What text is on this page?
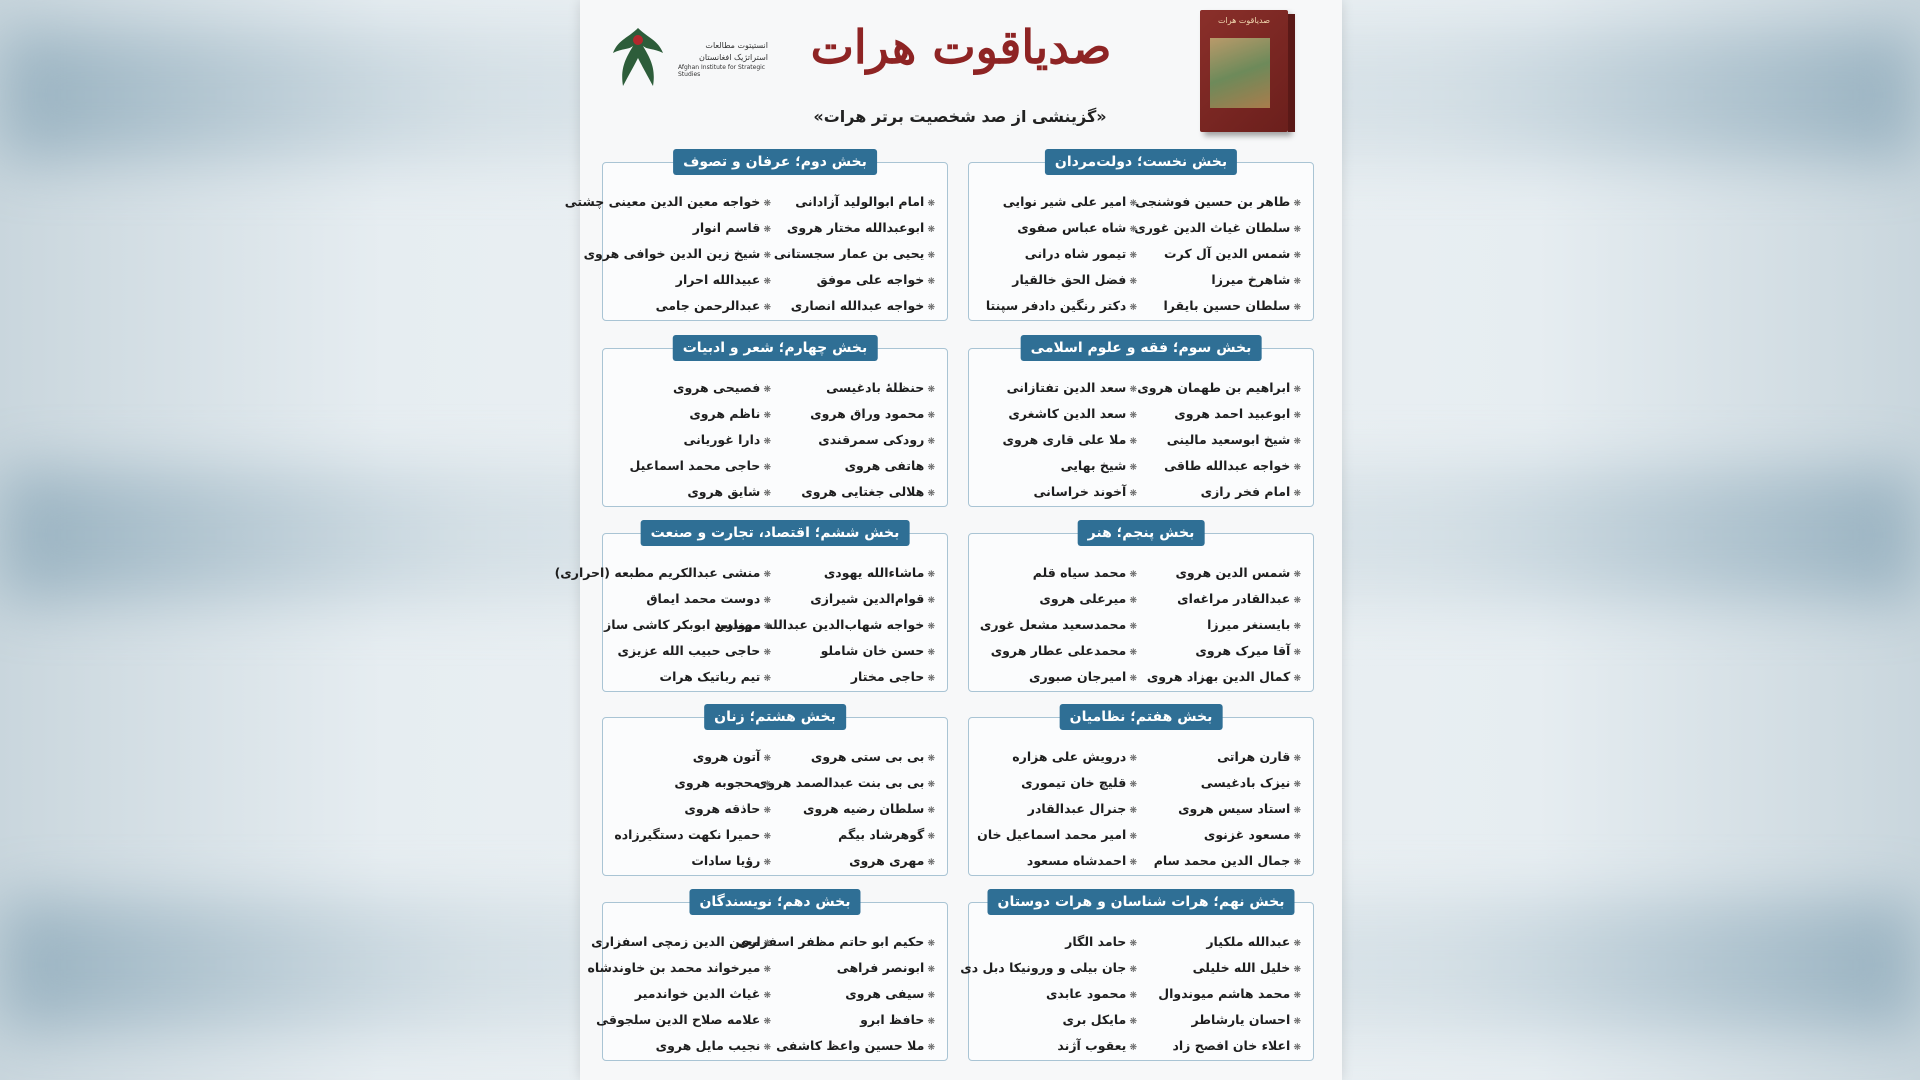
انستیتوت مطالعات استراتژیک افغانستان
Afghan Institute for Strategic Studies
صدیاقوت هرات
«گزینشی از صد شخصیت برتر هرات»
صدیاقوت هرات
بخش نخست؛ دولت‌مردان
❋ طاهر بن حسین فوشنجی
❋ سلطان غیاث الدین غوری
❋ شمس الدین آل کرت
❋ شاهرخ میرزا
❋ سلطان حسین بایقرا
❋ امیر علی شیر نوایی
❋ شاه عباس صفوی
❋ تیمور شاه درانی
❋ فضل الحق خالقیار
❋ دکتر رنگین دادفر سپنتا
بخش دوم؛ عرفان و تصوف
❋ امام ابوالولید آزادانی
❋ ابوعبدالله مختار هروی
❋ یحیی بن عمار سجستانی
❋ خواجه علی موفق
❋ خواجه عبدالله انصاری
❋ خواجه معین الدین معینی چشتی
❋ قاسم انوار
❋ شیخ زین الدین خوافی هروی
❋ عبیدالله احرار
❋ عبدالرحمن جامی
بخش سوم؛ فقه و علوم اسلامی
❋ ابراهیم بن طهمان هروی
❋ ابوعبید احمد هروی
❋ شیخ ابوسعید مالینی
❋ خواجه عبدالله طاقی
❋ امام فخر رازی
❋ سعد الدین تفتازانی
❋ سعد الدین کاشغری
❋ ملا علی قاری هروی
❋ شیخ بهایی
❋ آخوند خراسانی
بخش چهارم؛ شعر و ادبیات
❋ حنظلهٔ بادغیسی
❋ محمود وراق هروی
❋ رودکی سمرقندی
❋ هاتفی هروی
❋ هلالی جغتایی هروی
❋ فصیحی هروی
❋ ناظم هروی
❋ دارا غوریانی
❋ حاجی محمد اسماعیل
❋ شایق هروی
بخش پنجم؛ هنر
❋ شمس الدین هروی
❋ عبدالقادر مراغه‌ای
❋ بایسنغر میرزا
❋ آقا میرک هروی
❋ کمال الدین بهزاد هروی
❋ محمد سیاه قلم
❋ میرعلی هروی
❋ محمدسعید مشعل غوری
❋ محمدعلی عطار هروی
❋ امیرجان صبوری
بخش ششم؛ اقتصاد، تجارت و صنعت
❋ ماشاءالله یهودی
❋ قوام‌الدین شیرازی
❋ خواجه شهاب‌الدین عبدالله مروارید
❋ حسن خان شاملو
❋ حاجی مختار
❋ منشی عبدالکریم مطبعه (احراری)
❋ دوست محمد ایماق
❋ مهندس ابوبکر کاشی ساز
❋ حاجی حبیب الله عزیزی
❋ تیم رباتیک هرات
بخش هفتم؛ نظامیان
❋ قارن هراتی
❋ نیزک بادغیسی
❋ استاد سیس هروی
❋ مسعود غزنوی
❋ جمال الدین محمد سام
❋ درویش علی هزاره
❋ قلیچ خان تیموری
❋ جنرال عبدالقادر
❋ امیر محمد اسماعیل خان
❋ احمدشاه مسعود
بخش هشتم؛ زنان
❋ بی بی ستی هروی
❋ بی بی بنت عبدالصمد هروی
❋ سلطان رضیه هروی
❋ گوهرشاد بیگم
❋ مهری هروی
❋ آتون هروی
❋ محجوبه هروی
❋ حاذقه هروی
❋ حمیرا نکهت دستگیرزاده
❋ رؤیا سادات
بخش نهم؛ هرات شناسان و هرات دوستان
❋ عبدالله ملکیار
❋ خلیل الله خلیلی
❋ محمد هاشم میوندوال
❋ احسان یارشاطر
❋ اعلاء خان افصح زاد
❋ حامد الگار
❋ جان بیلی و ورونیکا دبل دی
❋ محمود عابدی
❋ مایکل بری
❋ یعقوب آژند
بخش دهم؛ نویسندگان
❋ حکیم ابو حاتم مظفر اسفزاری
❋ ابونصر فراهی
❋ سیفی هروی
❋ حافظ ابرو
❋ ملا حسین واعظ کاشفی
❋ معین الدین زمچی اسفزاری
❋ میرخواند محمد بن خاوندشاه
❋ غیاث الدین خواندمیر
❋ علامه صلاح الدین سلجوقی
❋ نجیب مایل هروی
